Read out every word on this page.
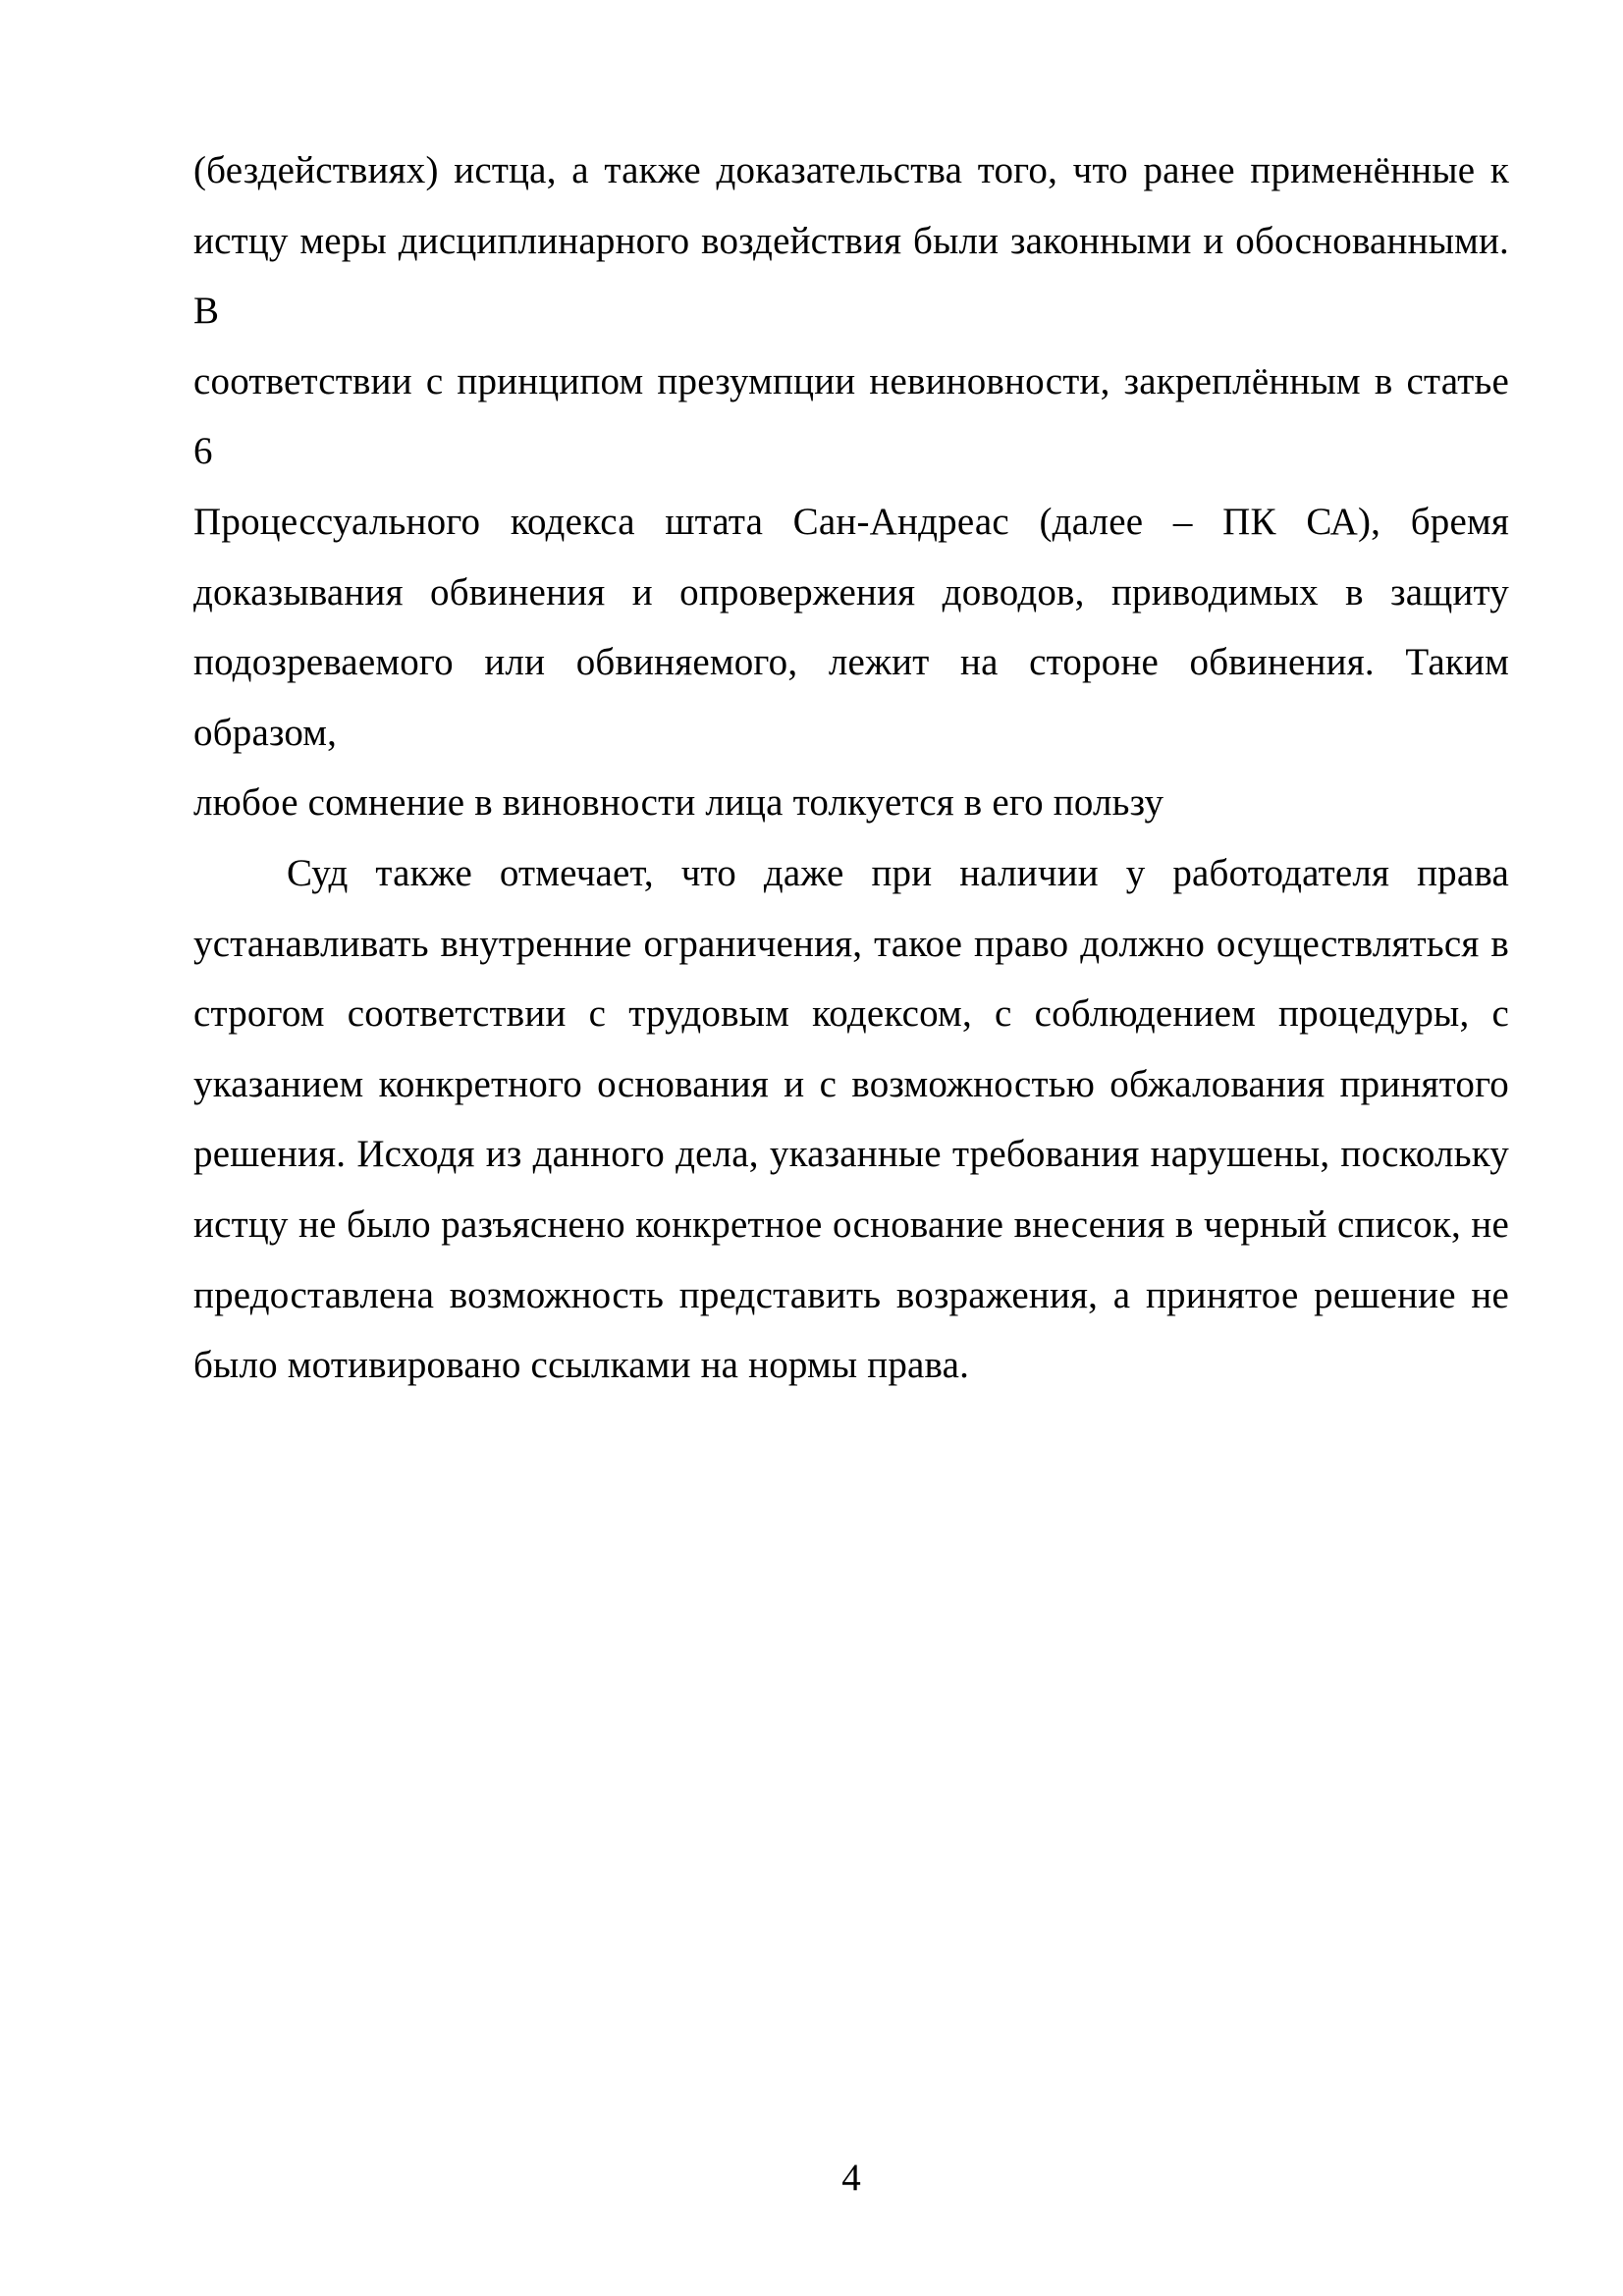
(бездействиях) истца, а также доказательства того, что ранее применённые к
истцу меры дисциплинарного воздействия были законными и обоснованными. В
соответствии с принципом презумпции невиновности, закреплённым в статье 6
Процессуального кодекса штата Сан-Андреас (далее – ПК СА), бремя
доказывания обвинения и опровержения доводов, приводимых в защиту
подозреваемого или обвиняемого, лежит на стороне обвинения. Таким образом,
любое сомнение в виновности лица толкуется в его пользу
Суд также отмечает, что даже при наличии у работодателя права
устанавливать внутренние ограничения, такое право должно осуществляться в
строгом соответствии с трудовым кодексом, с соблюдением процедуры, с
указанием конкретного основания и с возможностью обжалования принятого
решения. Исходя из данного дела, указанные требования нарушены, поскольку
истцу не было разъяснено конкретное основание внесения в черный список, не
предоставлена возможность представить возражения, а принятое решение не
было мотивировано ссылками на нормы права.
4
